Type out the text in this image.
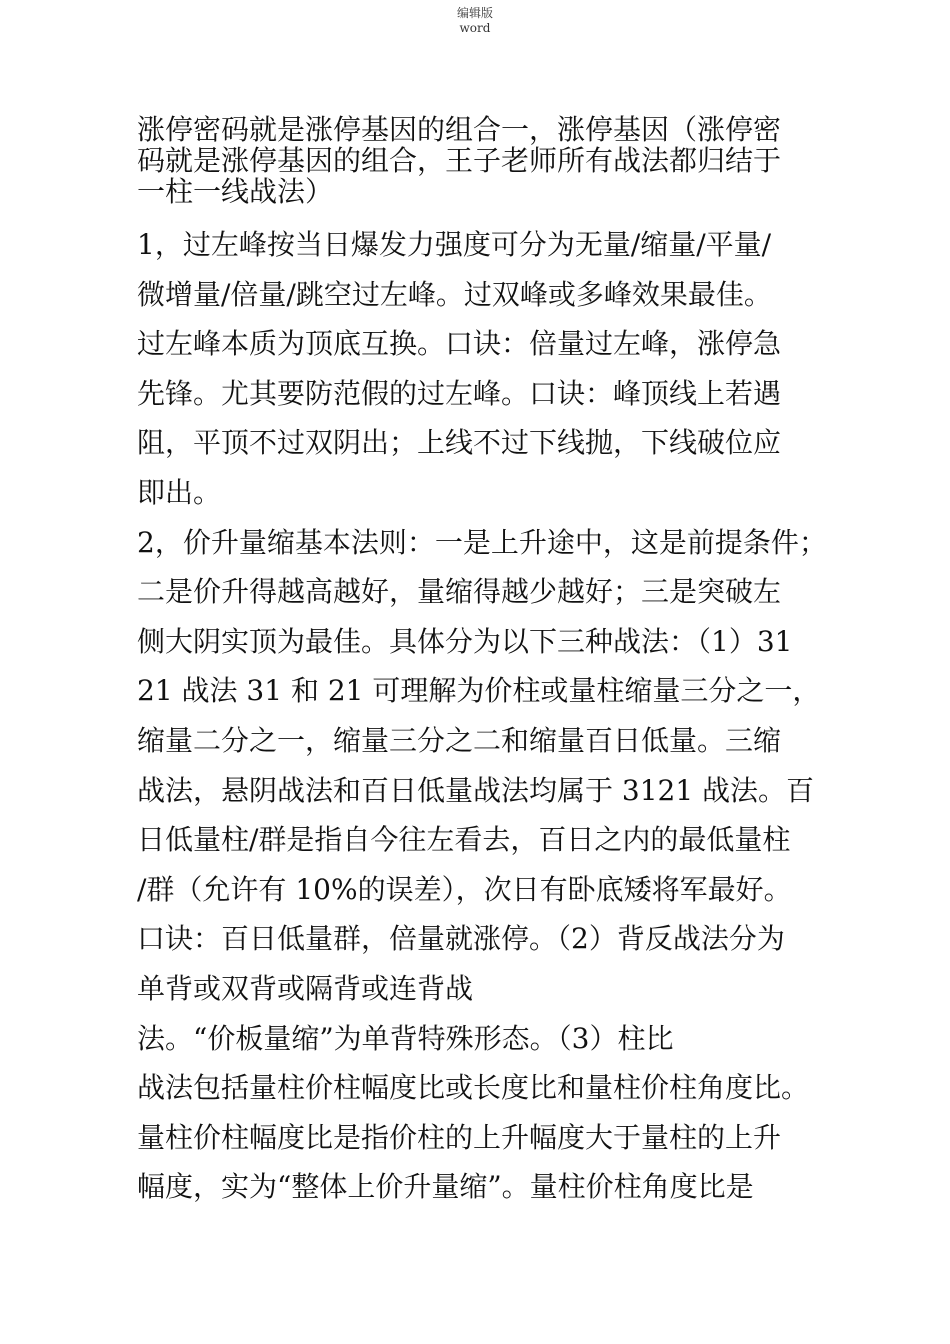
编辑版
word
涨停密码就是涨停基因的组合一，涨停基因（涨停密
码就是涨停基因的组合，王子老师所有战法都归结于
一柱一线战法）
1，过左峰按当日爆发力强度可分为无量/缩量/平量/
微增量/倍量/跳空过左峰。过双峰或多峰效果最佳。
过左峰本质为顶底互换。口诀：倍量过左峰，涨停急
先锋。尤其要防范假的过左峰。口诀：峰顶线上若遇
阻，平顶不过双阴出；上线不过下线抛，下线破位应
即出。
2，价升量缩基本法则：一是上升途中，这是前提条件；
二是价升得越高越好，量缩得越少越好；三是突破左
侧大阴实顶为最佳。具体分为以下三种战法：（1）31
21 战法 31 和 21 可理解为价柱或量柱缩量三分之一，
缩量二分之一，缩量三分之二和缩量百日低量。三缩
战法，悬阴战法和百日低量战法均属于 3121 战法。百
日低量柱/群是指自今往左看去，百日之内的最低量柱
/群（允许有 10%的误差），次日有卧底矮将军最好。
口诀：百日低量群，倍量就涨停。（2）背反战法分为
单背或双背或隔背或连背战
法。“价板量缩”为单背特殊形态。（3）柱比
战法包括量柱价柱幅度比或长度比和量柱价柱角度比。
量柱价柱幅度比是指价柱的上升幅度大于量柱的上升
幅度，实为“整体上价升量缩”。量柱价柱角度比是
